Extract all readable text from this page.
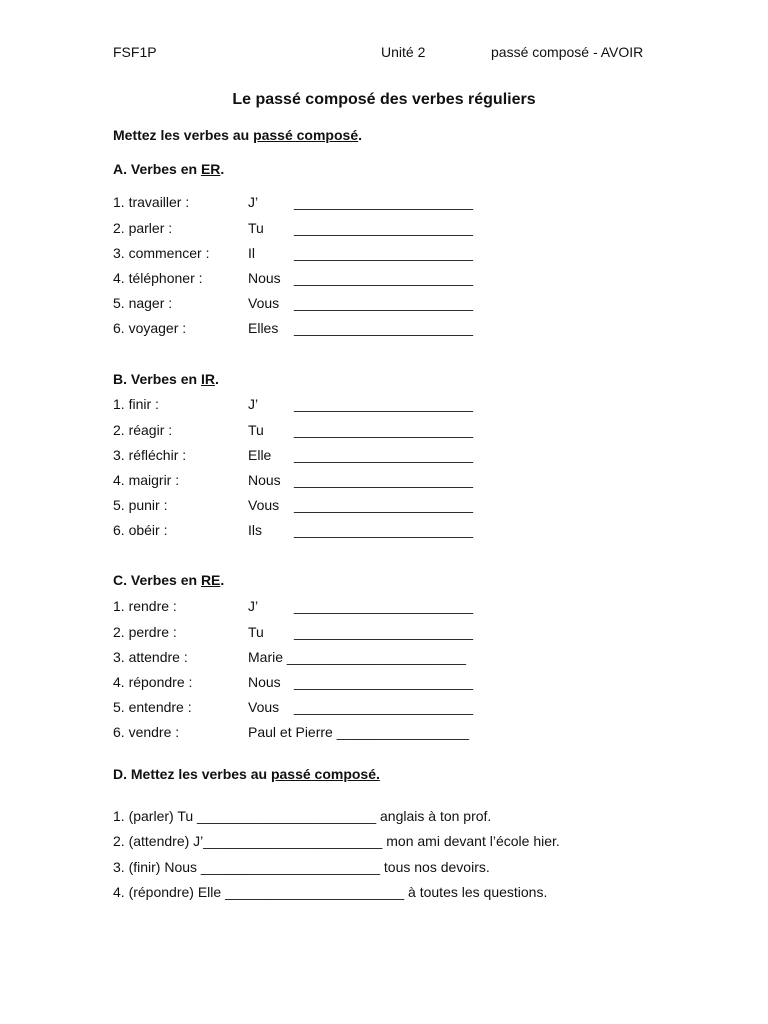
FSF1P	Unité 2	passé composé - AVOIR
Le passé composé des verbes réguliers
Mettez les verbes au passé composé.
A. Verbes en ER.
1. travailler :	J’	_______________________
2. parler :	Tu _______________________
3. commencer :	Il	_______________________
4. téléphoner :	Nous _______________________
5. nager :	Vous _______________________
6. voyager :	Elles _______________________
B. Verbes en IR.
1. finir :	J’	_______________________
2. réagir :	Tu _______________________
3. réfléchir :	Elle _______________________
4. maigrir :	Nous _______________________
5. punir :	Vous _______________________
6. obéir :	Ils _______________________
C. Verbes en RE.
1. rendre :	J’	_______________________
2. perdre :	Tu _______________________
3. attendre :	Marie _______________________
4. répondre :	Nous _______________________
5. entendre :	Vous _______________________
6. vendre :	Paul et Pierre _________________
D. Mettez les verbes au passé composé.
1. (parler) Tu _______________________ anglais à ton prof.
2. (attendre) J’_______________________ mon ami devant l’école hier.
3. (finir) Nous _______________________ tous nos devoirs.
4. (répondre) Elle _______________________ à toutes les questions.
